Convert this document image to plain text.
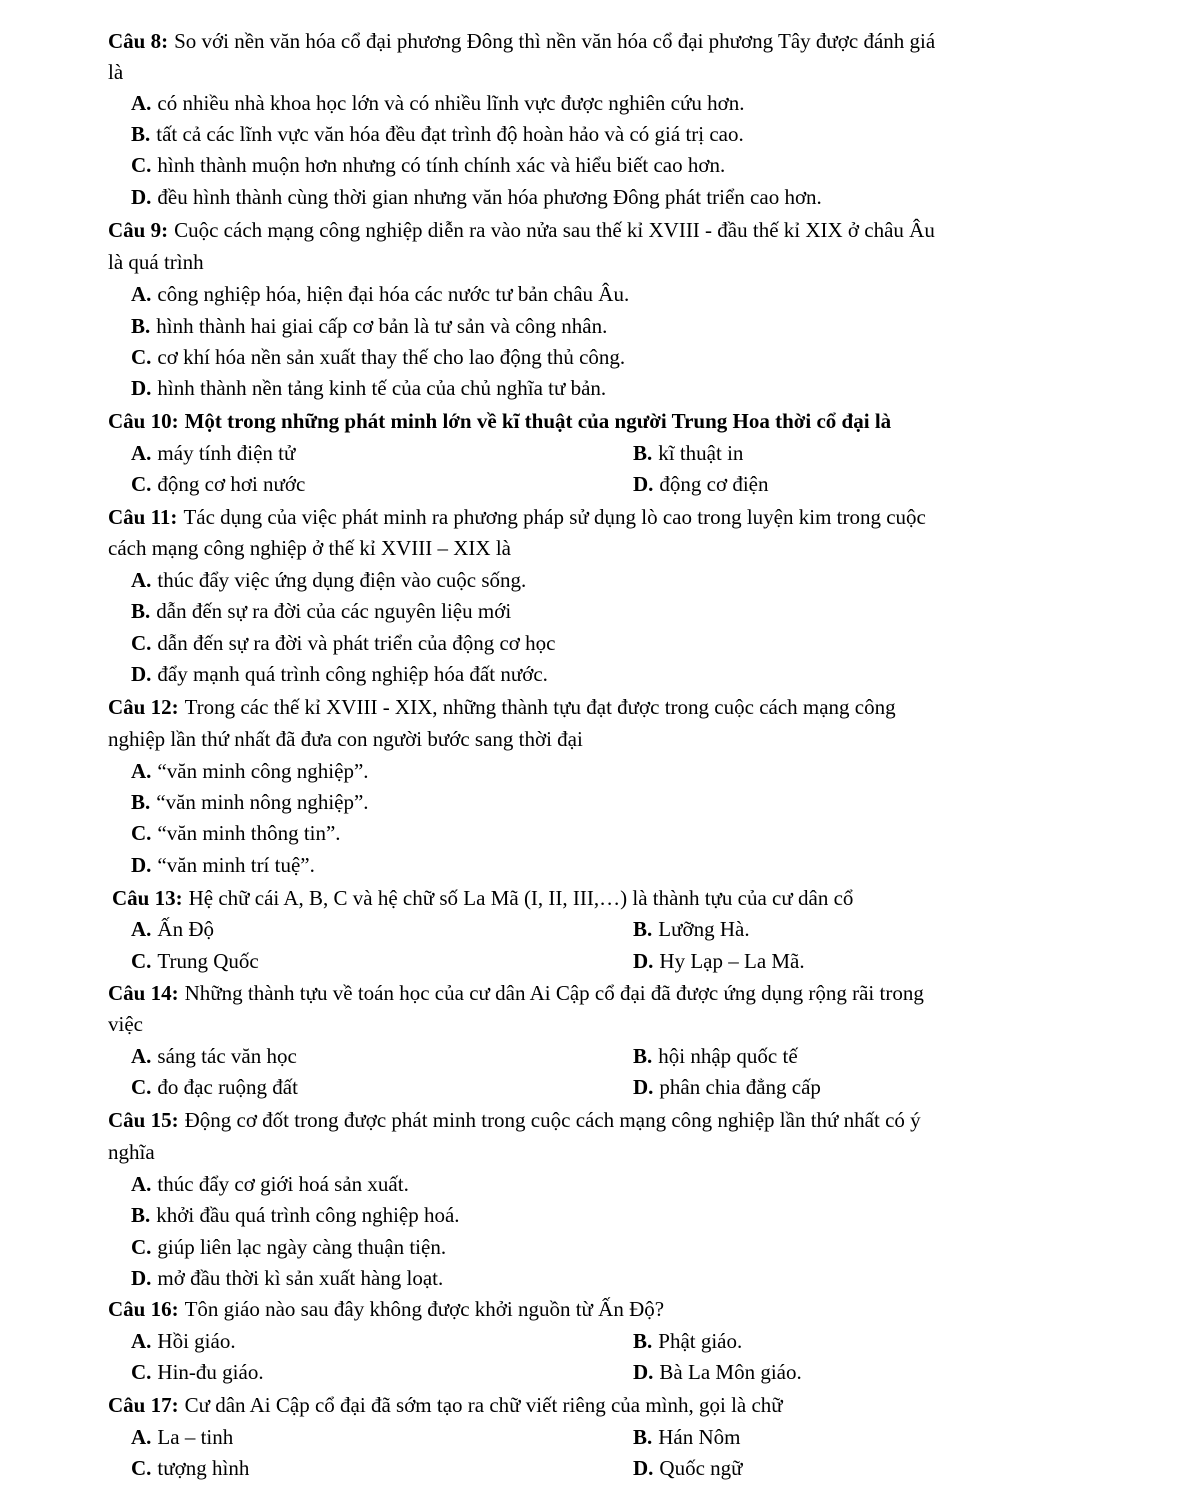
Câu 8: So với nền văn hóa cổ đại phương Đông thì nền văn hóa cổ đại phương Tây được đánh giá
là
A. có nhiều nhà khoa học lớn và có nhiều lĩnh vực được nghiên cứu hơn.
B. tất cả các lĩnh vực văn hóa đều đạt trình độ hoàn hảo và có giá trị cao.
C. hình thành muộn hơn nhưng có tính chính xác và hiểu biết cao hơn.
D. đều hình thành cùng thời gian nhưng văn hóa phương Đông phát triển cao hơn.
Câu 9: Cuộc cách mạng công nghiệp diễn ra vào nửa sau thế kỉ XVIII - đầu thế kỉ XIX ở châu Âu
là quá trình
A. công nghiệp hóa, hiện đại hóa các nước tư bản châu Âu.
B. hình thành hai giai cấp cơ bản là tư sản và công nhân.
C. cơ khí hóa nền sản xuất thay thế cho lao động thủ công.
D. hình thành nền tảng kinh tế của của chủ nghĩa tư bản.
Câu 10: Một trong những phát minh lớn về kĩ thuật của người Trung Hoa thời cổ đại là
A. máy tính điện tử	B. kĩ thuật in
C. động cơ hơi nước	D. động cơ điện
Câu 11: Tác dụng của việc phát minh ra phương pháp sử dụng lò cao trong luyện kim trong cuộc
cách mạng công nghiệp ở thế kỉ XVIII – XIX là
A. thúc đẩy việc ứng dụng điện vào cuộc sống.
B. dẫn đến sự ra đời của các nguyên liệu mới
C. dẫn đến sự ra đời và phát triển của động cơ học
D. đẩy mạnh quá trình công nghiệp hóa đất nước.
Câu 12: Trong các thế kỉ XVIII - XIX, những thành tựu đạt được trong cuộc cách mạng công
nghiệp lần thứ nhất đã đưa con người bước sang thời đại
A. “văn minh công nghiệp”.
B. “văn minh nông nghiệp”.
C. “văn minh thông tin”.
D. “văn minh trí tuệ”.
Câu 13: Hệ chữ cái A, B, C và hệ chữ số La Mã (I, II, III,…) là thành tựu của cư dân cổ
A. Ấn Độ	B. Lưỡng Hà.
C. Trung Quốc	D. Hy Lạp – La Mã.
Câu 14: Những thành tựu về toán học của cư dân Ai Cập cổ đại đã được ứng dụng rộng rãi trong
việc
A. sáng tác văn học	B. hội nhập quốc tế
C. đo đạc ruộng đất	D. phân chia đẳng cấp
Câu 15: Động cơ đốt trong được phát minh trong cuộc cách mạng công nghiệp lần thứ nhất có ý
nghĩa
A. thúc đẩy cơ giới hoá sản xuất.
B. khởi đầu quá trình công nghiệp hoá.
C. giúp liên lạc ngày càng thuận tiện.
D. mở đầu thời kì sản xuất hàng loạt.
Câu 16: Tôn giáo nào sau đây không được khởi nguồn từ Ấn Độ?
A. Hồi giáo.	B. Phật giáo.
C. Hin-đu giáo.	D. Bà La Môn giáo.
Câu 17: Cư dân Ai Cập cổ đại đã sớm tạo ra chữ viết riêng của mình, gọi là chữ
A. La – tinh	B. Hán Nôm
C. tượng hình	D. Quốc ngữ
